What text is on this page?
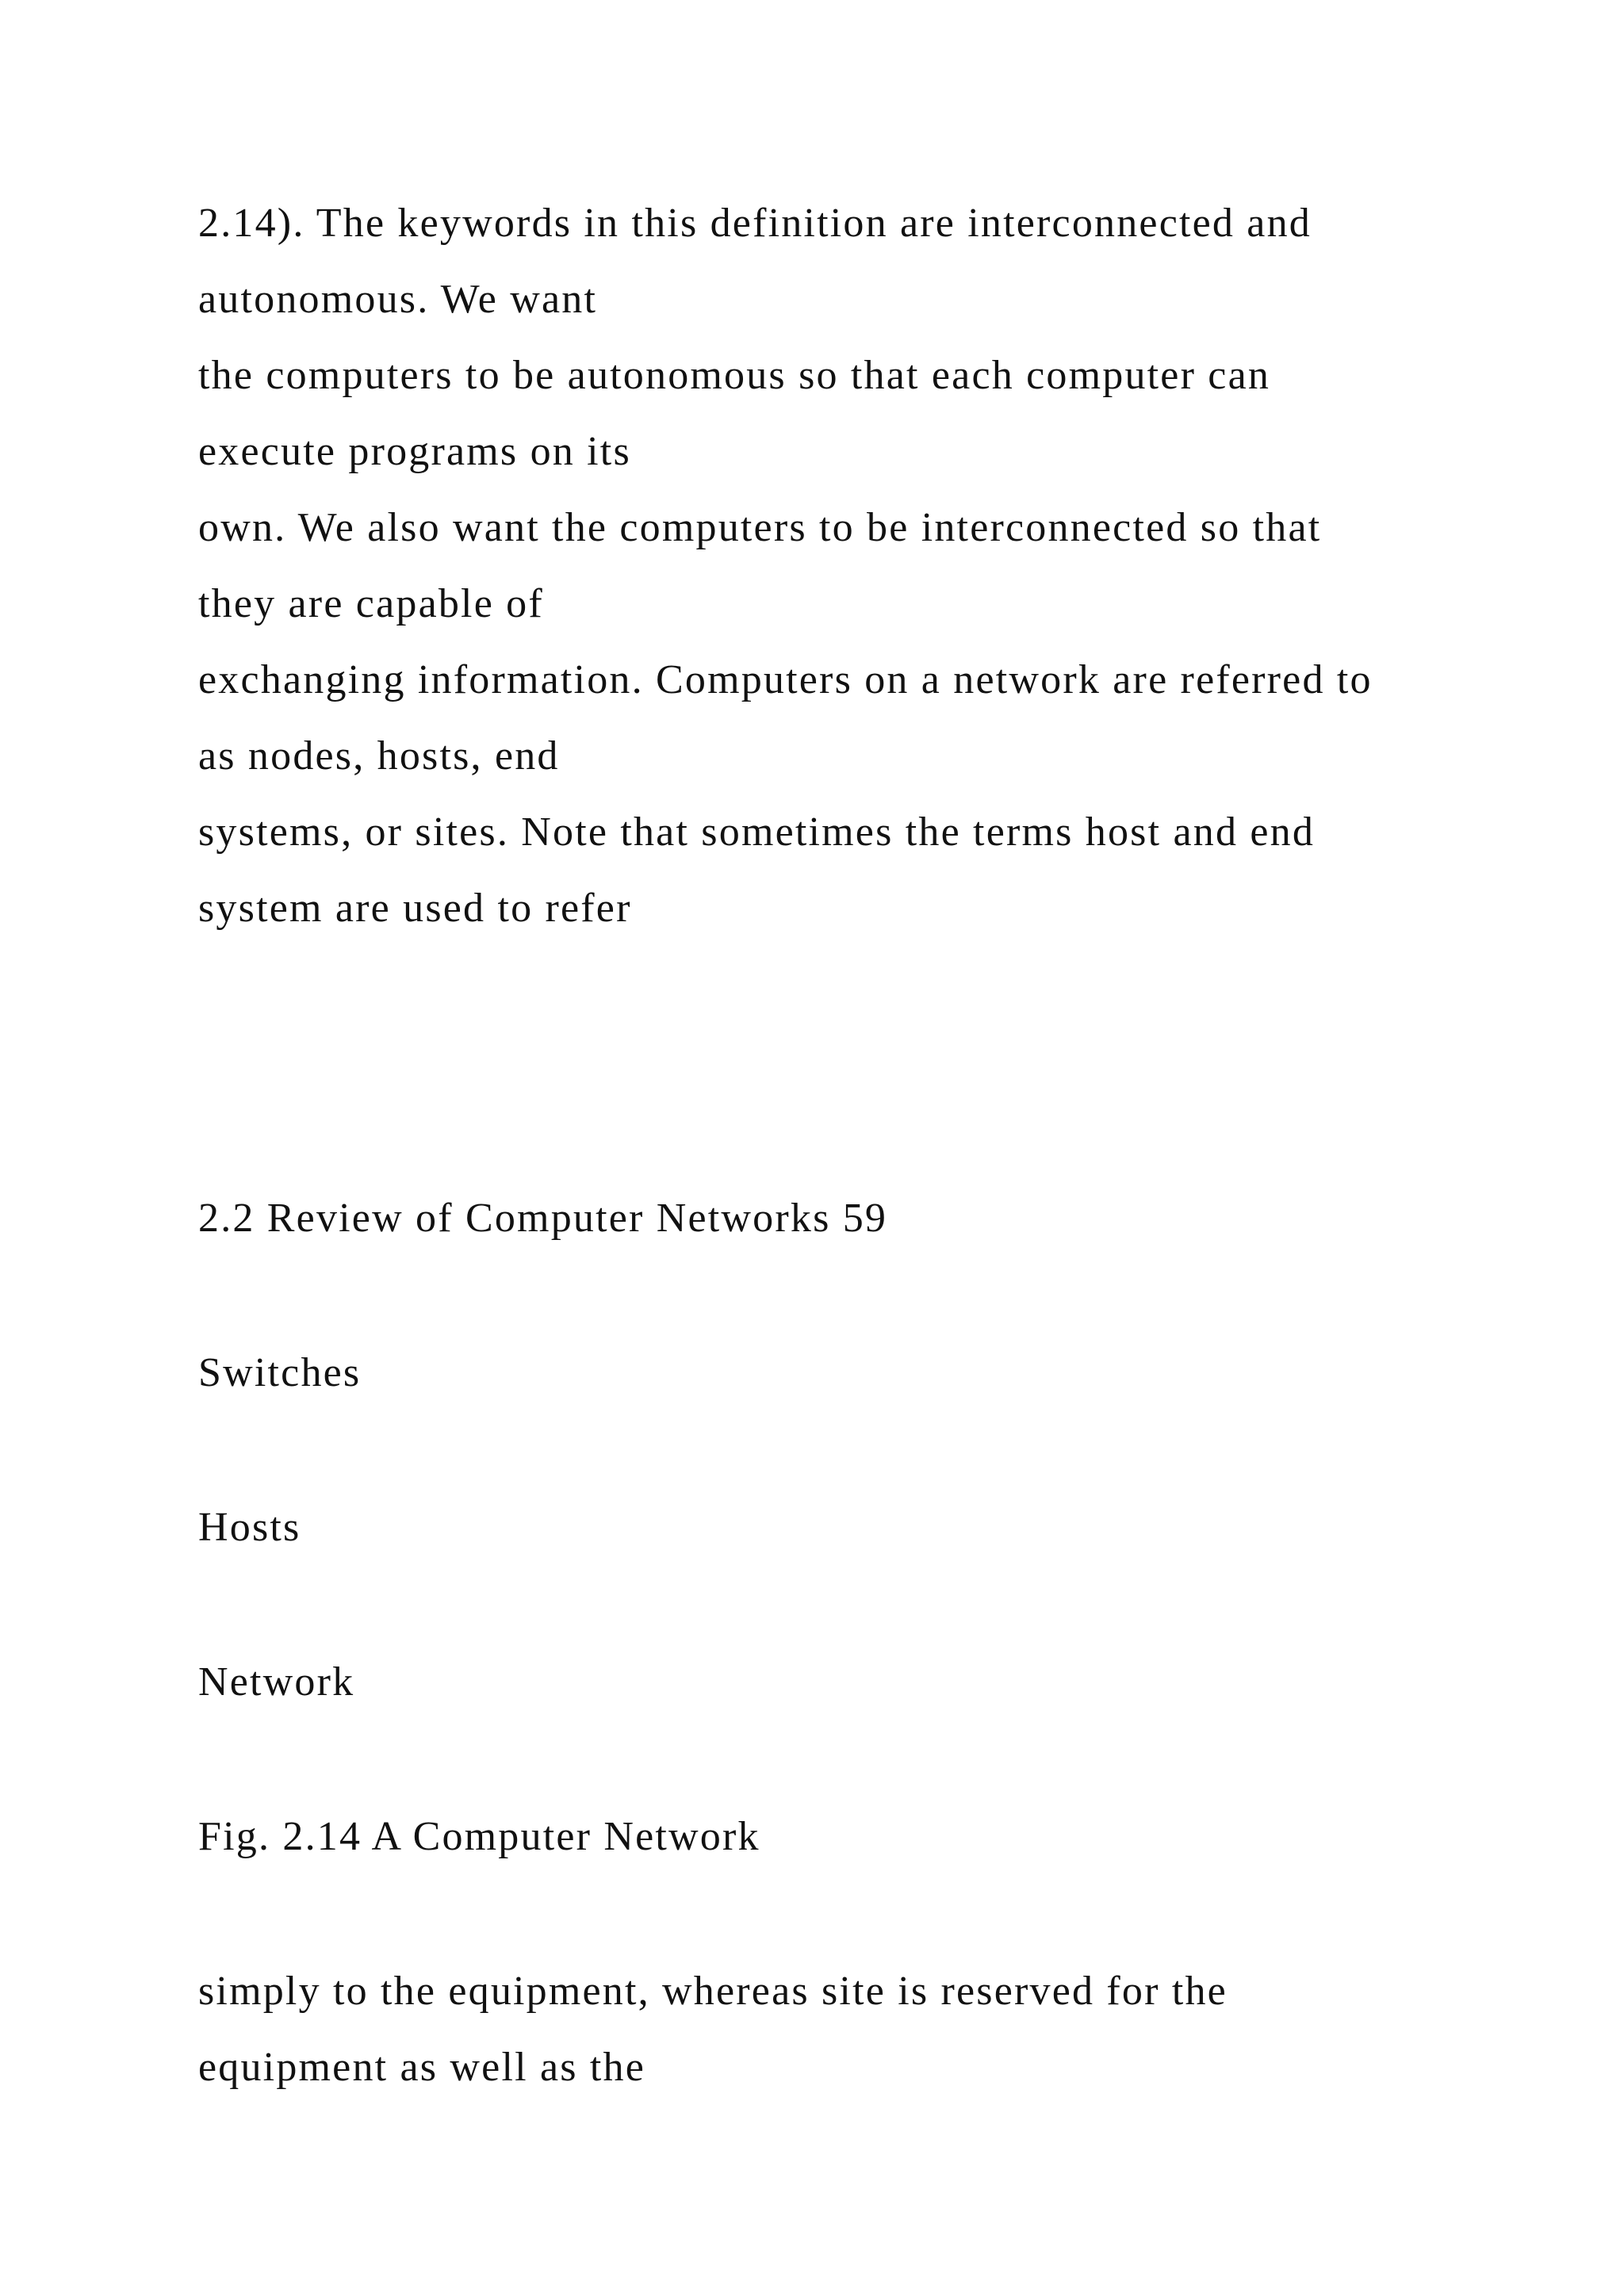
2.14). The keywords in this definition are interconnected and

autonomous. We want

the computers to be autonomous so that each computer can

execute programs on its

own. We also want the computers to be interconnected so that

they are capable of

exchanging information. Computers on a network are referred to

as nodes, hosts, end

systems, or sites. Note that sometimes the terms host and end

system are used to refer

2.2 Review of Computer Networks 59

Switches

Hosts

Network

Fig. 2.14 A Computer Network

simply to the equipment, whereas site is reserved for the

equipment as well as the
